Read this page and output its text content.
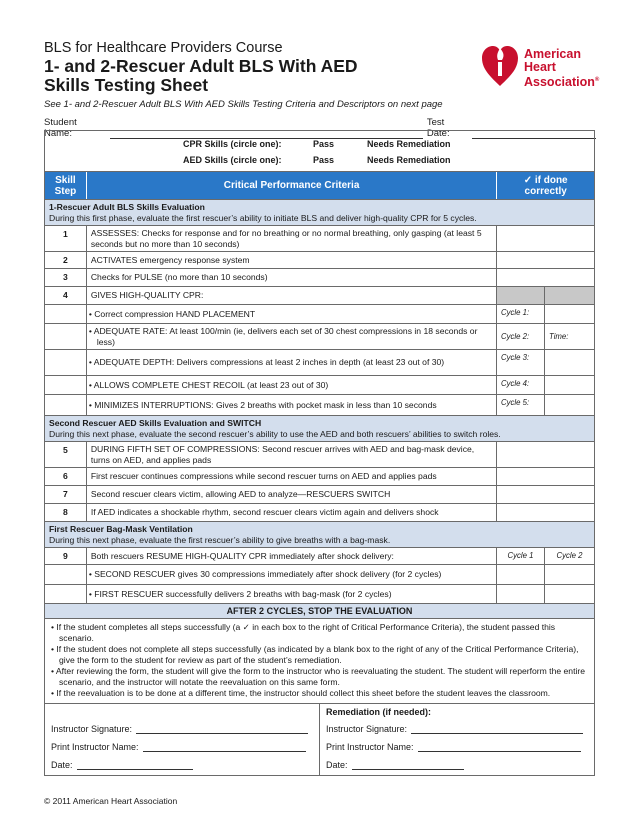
BLS for Healthcare Providers Course
1- and 2-Rescuer Adult BLS With AED
Skills Testing Sheet
See 1- and 2-Rescuer Adult BLS With AED Skills Testing Criteria and Descriptors on next page
American
Heart
Association®
Student Name:
Test Date:
CPR Skills (circle one):	Pass	Needs Remediation
AED Skills (circle one):	Pass	Needs Remediation
Skill
Step	Critical Performance Criteria	✓ if done
correctly
1-Rescuer Adult BLS Skills Evaluation
During this first phase, evaluate the first rescuer’s ability to initiate BLS and deliver high-quality CPR for 5 cycles.
1	ASSESSES: Checks for response and for no breathing or no normal breathing, only gasping (at least 5 seconds but no more than 10 seconds)
2	ACTIVATES emergency response system
3	Checks for PULSE (no more than 10 seconds)
4	GIVES HIGH-QUALITY CPR:
• Correct compression HAND PLACEMENT	Cycle 1:
• ADEQUATE RATE: At least 100/min (ie, delivers each set of 30 chest compressions in 18 seconds or less)	Cycle 2:	Time:
• ADEQUATE DEPTH: Delivers compressions at least 2 inches in depth (at least 23 out of 30)	Cycle 3:
• ALLOWS COMPLETE CHEST RECOIL (at least 23 out of 30)	Cycle 4:
• MINIMIZES INTERRUPTIONS: Gives 2 breaths with pocket mask in less than 10 seconds	Cycle 5:
Second Rescuer AED Skills Evaluation and SWITCH
During this next phase, evaluate the second rescuer’s ability to use the AED and both rescuers’ abilities to switch roles.
5	DURING FIFTH SET OF COMPRESSIONS: Second rescuer arrives with AED and bag-mask device, turns on AED, and applies pads
6	First rescuer continues compressions while second rescuer turns on AED and applies pads
7	Second rescuer clears victim, allowing AED to analyze—RESCUERS SWITCH
8	If AED indicates a shockable rhythm, second rescuer clears victim again and delivers shock
First Rescuer Bag-Mask Ventilation
During this next phase, evaluate the first rescuer’s ability to give breaths with a bag-mask.
9	Both rescuers RESUME HIGH-QUALITY CPR immediately after shock delivery:	Cycle 1	Cycle 2
• SECOND RESCUER gives 30 compressions immediately after shock delivery (for 2 cycles)
• FIRST RESCUER successfully delivers 2 breaths with bag-mask (for 2 cycles)
AFTER 2 CYCLES, STOP THE EVALUATION
• If the student completes all steps successfully (a ✓ in each box to the right of Critical Performance Criteria), the student passed this scenario.
• If the student does not complete all steps successfully (as indicated by a blank box to the right of any of the Critical Performance Criteria), give the form to the student for review as part of the student’s remediation.
• After reviewing the form, the student will give the form to the instructor who is reevaluating the student. The student will reperform the entire scenario, and the instructor will notate the reevaluation on this same form.
• If the reevaluation is to be done at a different time, the instructor should collect this sheet before the student leaves the classroom.
Instructor Signature:
Print Instructor Name:
Date:
Remediation (if needed):
Instructor Signature:
Print Instructor Name:
Date:
© 2011 American Heart Association
